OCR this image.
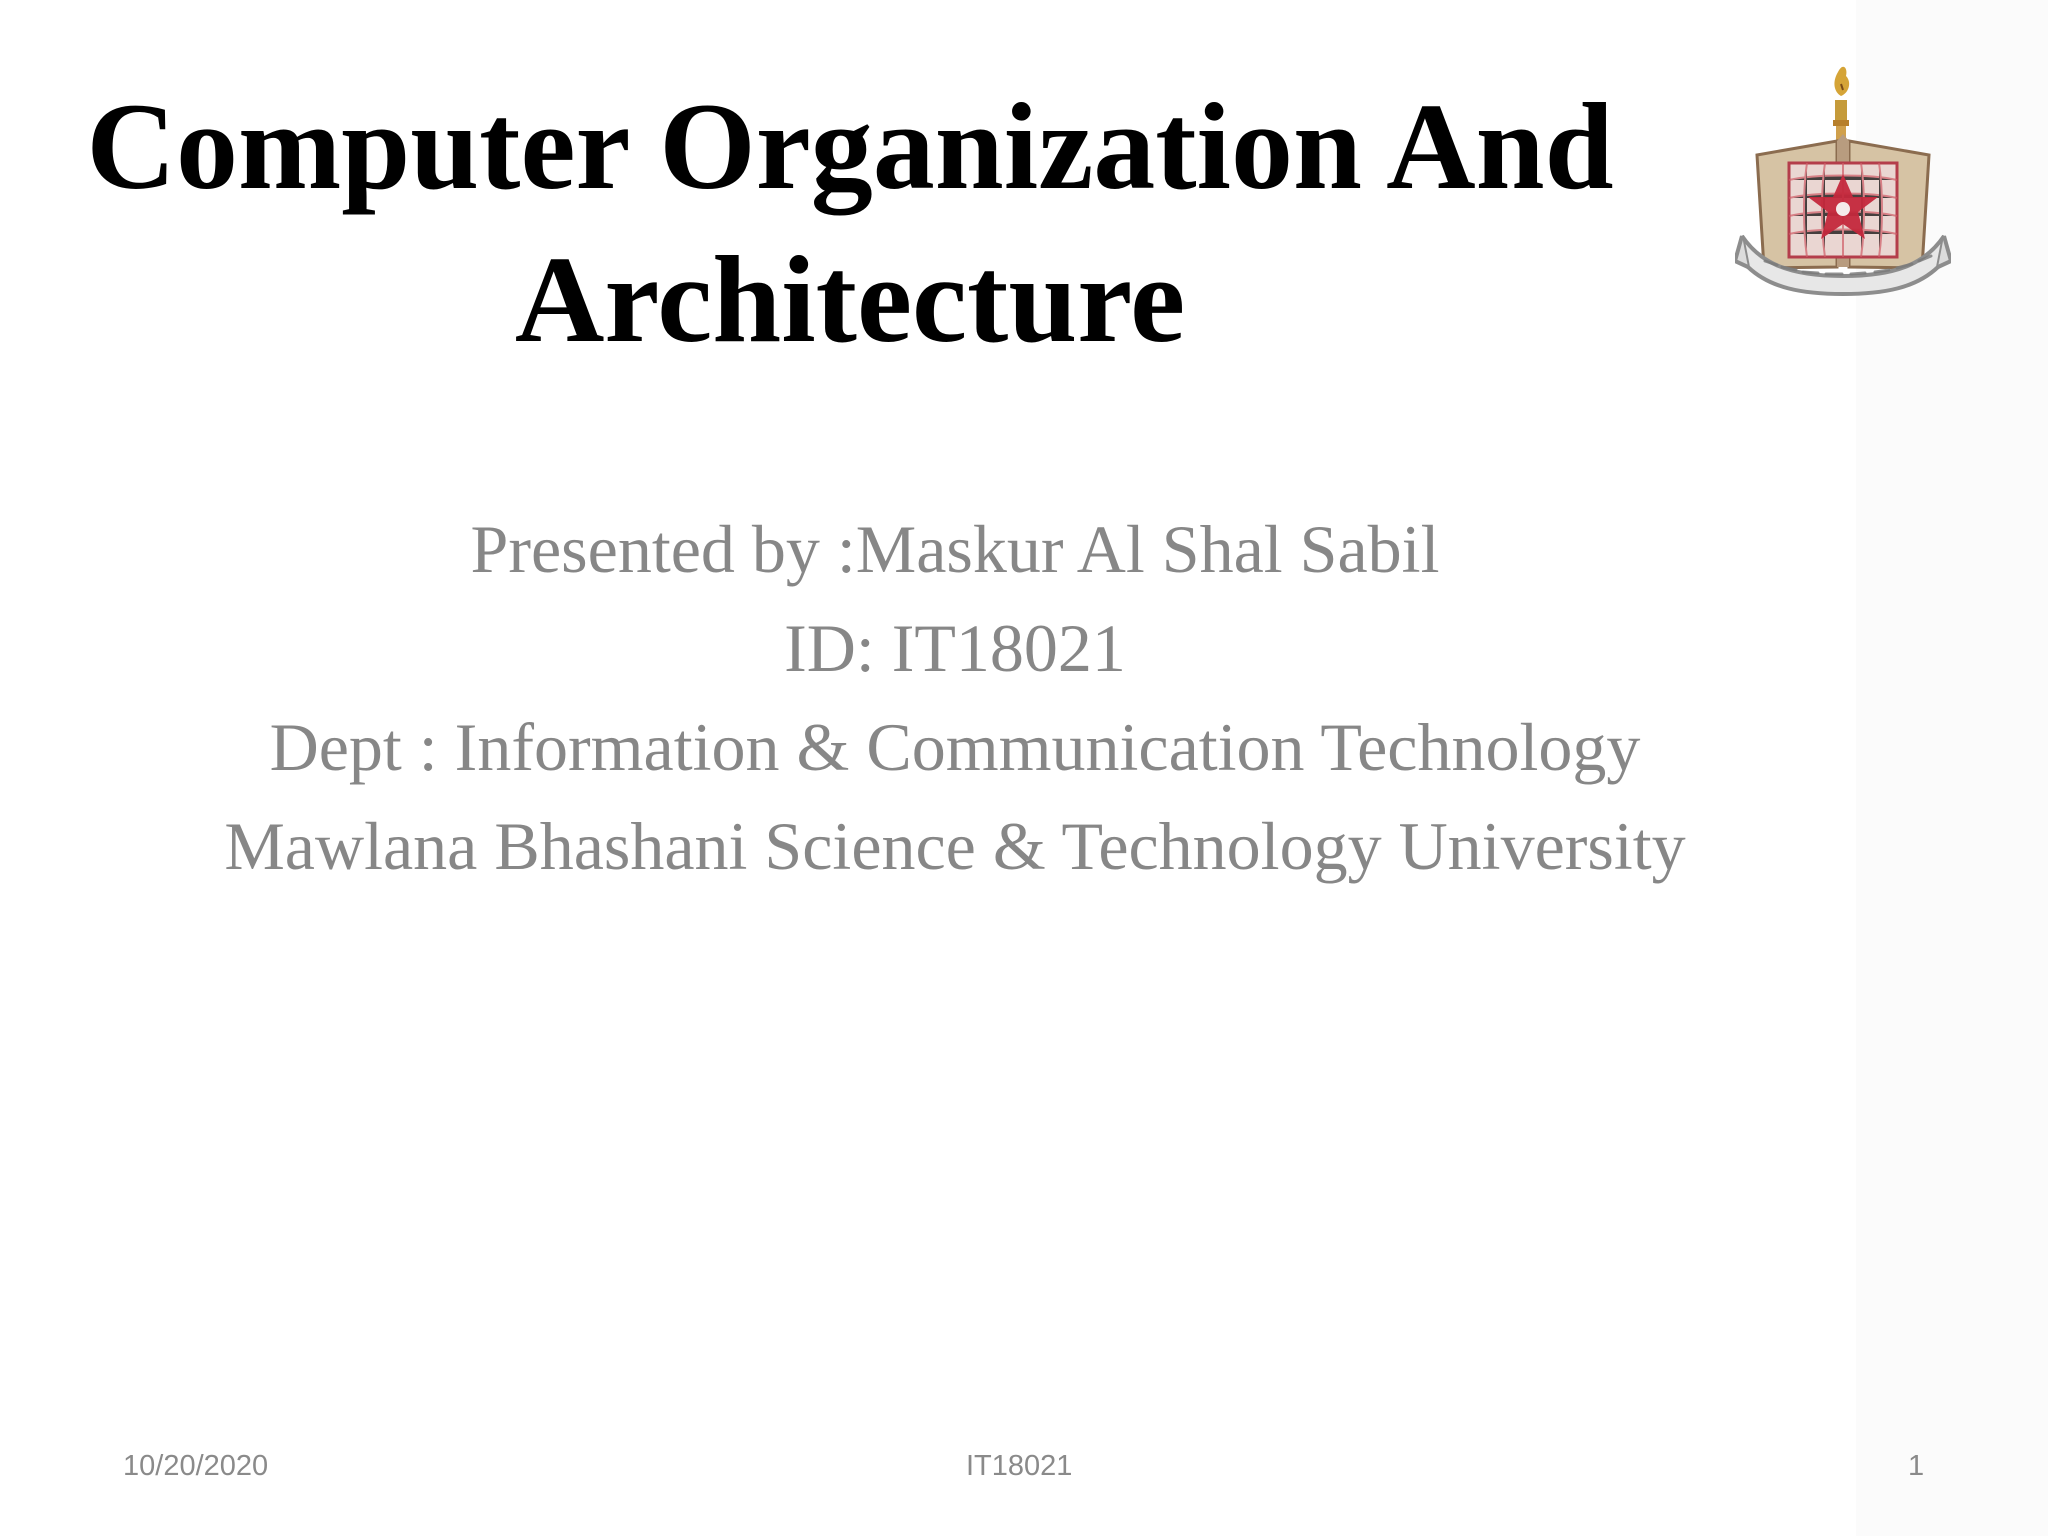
Computer Organization And
Architecture
Presented by :Maskur Al Shal Sabil
ID: IT18021
Dept : Information & Communication Technology
Mawlana Bhashani Science & Technology University
10/20/2020	IT18021	1
